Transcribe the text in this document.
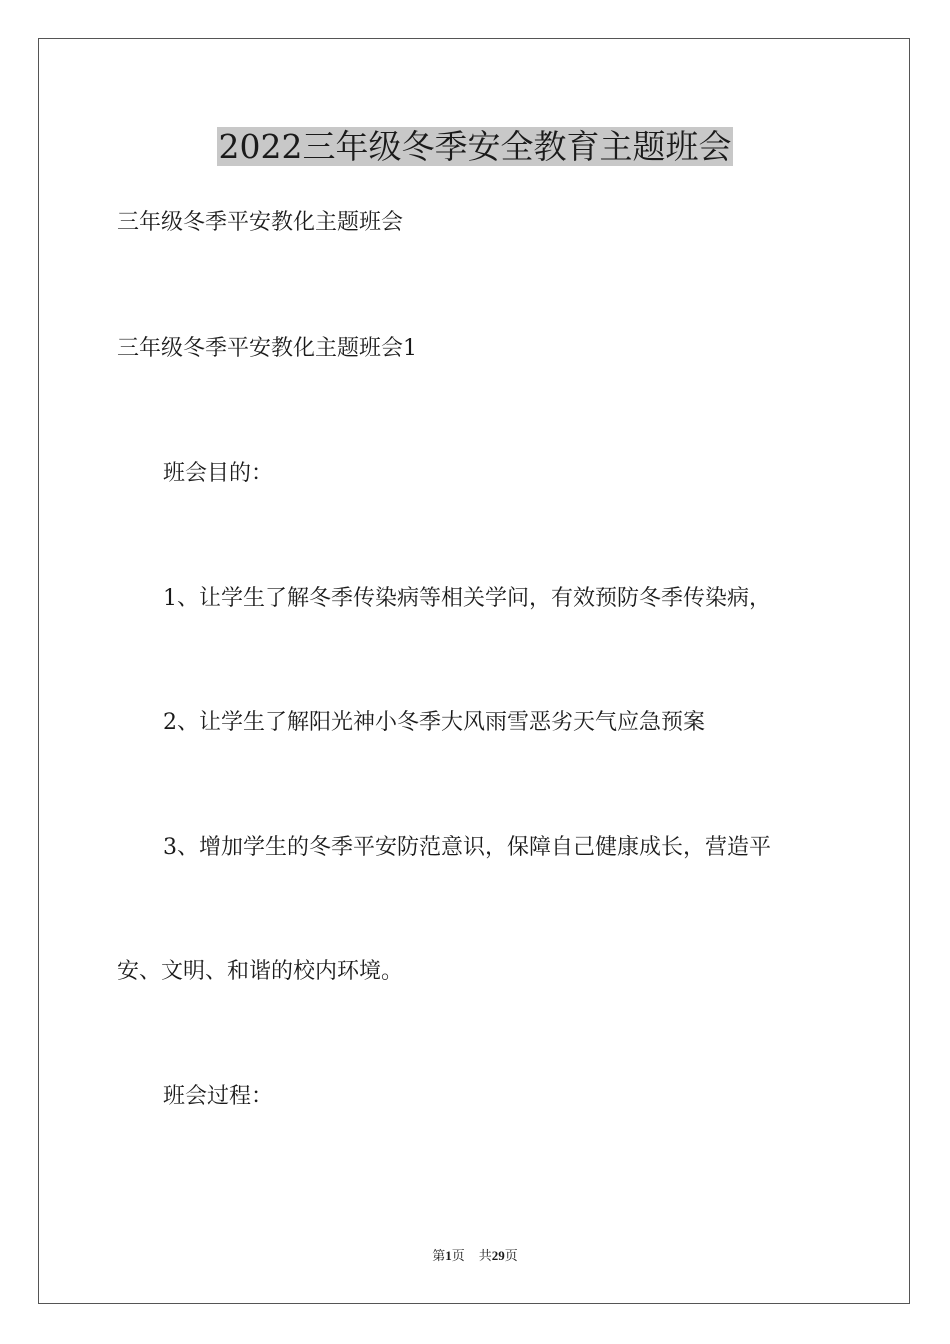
2022三年级冬季安全教育主题班会
三年级冬季平安教化主题班会
三年级冬季平安教化主题班会1
班会目的：
1、让学生了解冬季传染病等相关学问，有效预防冬季传染病，
2、让学生了解阳光神小冬季大风雨雪恶劣天气应急预案
3、增加学生的冬季平安防范意识，保障自己健康成长，营造平
安、文明、和谐的校内环境。
班会过程：
第1页 共29页
